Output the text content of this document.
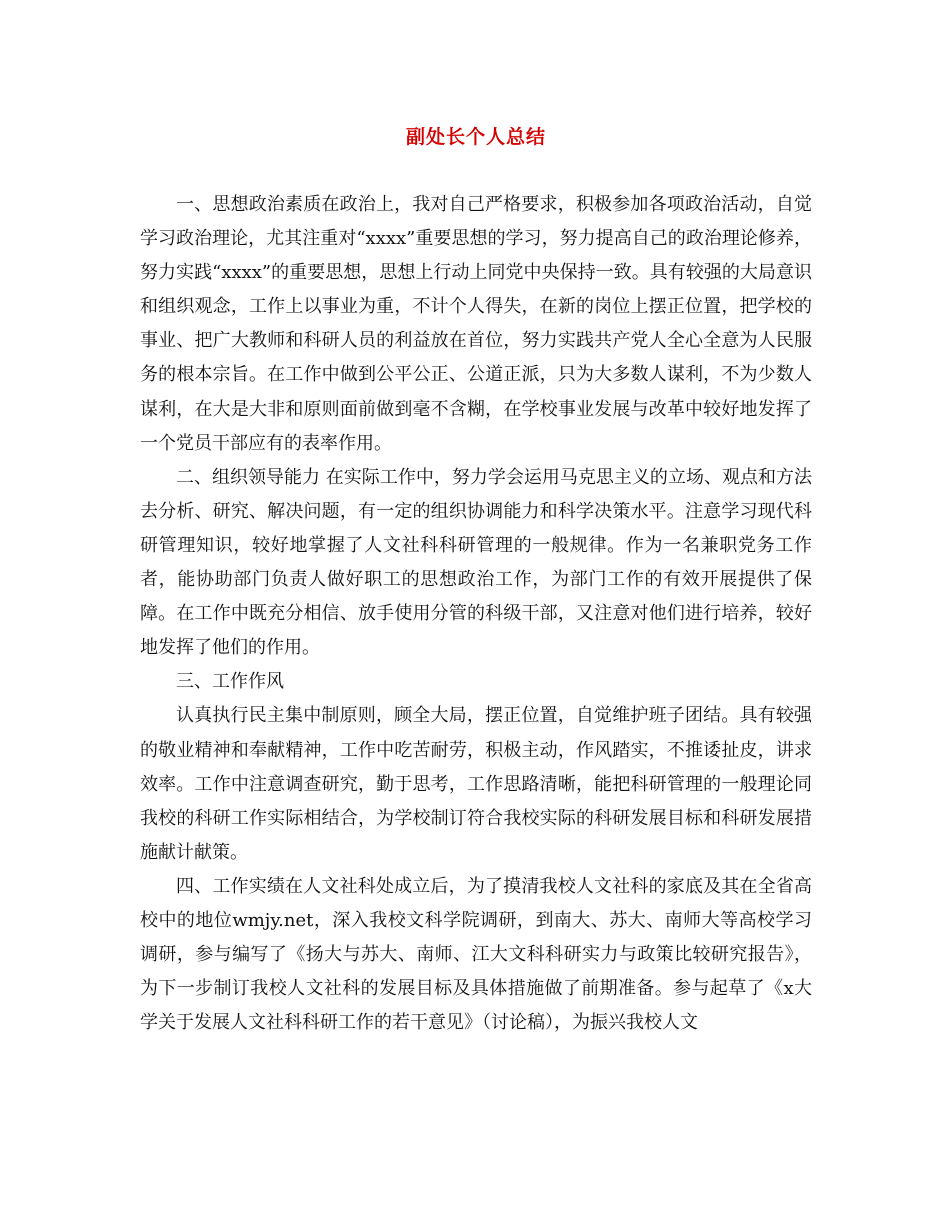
副处长个人总结

一、思想政治素质在政治上，我对自己严格要求，积极参加各项政治活动，自觉学习政治理论，尤其注重对“xxxx”重要思想的学习，努力提高自己的政治理论修养，努力实践“xxxx”的重要思想，思想上行动上同党中央保持一致。具有较强的大局意识和组织观念，工作上以事业为重，不计个人得失，在新的岗位上摆正位置，把学校的事业、把广大教师和科研人员的利益放在首位，努力实践共产党人全心全意为人民服务的根本宗旨。在工作中做到公平公正、公道正派，只为大多数人谋利，不为少数人谋利，在大是大非和原则面前做到毫不含糊，在学校事业发展与改革中较好地发挥了一个党员干部应有的表率作用。

二、组织领导能力 在实际工作中，努力学会运用马克思主义的立场、观点和方法去分析、研究、解决问题，有一定的组织协调能力和科学决策水平。注意学习现代科研管理知识，较好地掌握了人文社科科研管理的一般规律。作为一名兼职党务工作者，能协助部门负责人做好职工的思想政治工作，为部门工作的有效开展提供了保障。在工作中既充分相信、放手使用分管的科级干部，又注意对他们进行培养，较好地发挥了他们的作用。

三、工作作风

认真执行民主集中制原则，顾全大局，摆正位置，自觉维护班子团结。具有较强的敬业精神和奉献精神，工作中吃苦耐劳，积极主动，作风踏实，不推诿扯皮，讲求效率。工作中注意调查研究，勤于思考，工作思路清晰，能把科研管理的一般理论同我校的科研工作实际相结合，为学校制订符合我校实际的科研发展目标和科研发展措施献计献策。

四、工作实绩在人文社科处成立后，为了摸清我校人文社科的家底及其在全省高校中的地位wmjy.net，深入我校文科学院调研，到南大、苏大、南师大等高校学习调研，参与编写了《扬大与苏大、南师、江大文科科研实力与政策比较研究报告》，为下一步制订我校人文社科的发展目标及具体措施做了前期准备。参与起草了《x大学关于发展人文社科科研工作的若干意见》（讨论稿），为振兴我校人文
